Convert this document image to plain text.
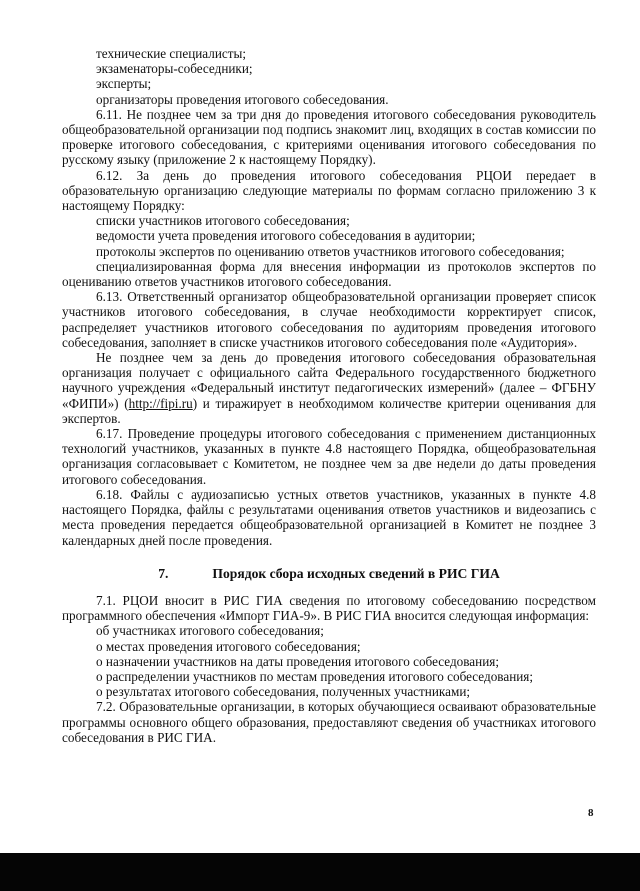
технические специалисты;

экзаменаторы-собеседники;

эксперты;

организаторы проведения итогового собеседования.

6.11. Не позднее чем за три дня до проведения итогового собеседования руководитель общеобразовательной организации под подпись знакомит лиц, входящих в состав комиссии по проверке итогового собеседования, с критериями оценивания итогового собеседования по русскому языку (приложение 2 к настоящему Порядку).

6.12. За день до проведения итогового собеседования РЦОИ передает в образовательную организацию следующие материалы по формам согласно приложению 3 к настоящему Порядку:

списки участников итогового собеседования;

ведомости учета проведения итогового собеседования в аудитории;

протоколы экспертов по оцениванию ответов участников итогового собеседования;

специализированная форма для внесения информации из протоколов экспертов по оцениванию ответов участников итогового собеседования.

6.13. Ответственный организатор общеобразовательной организации проверяет список участников итогового собеседования, в случае необходимости корректирует список, распределяет участников итогового собеседования по аудиториям проведения итогового собеседования, заполняет в списке участников итогового собеседования поле «Аудитория».

Не позднее чем за день до проведения итогового собеседования образовательная организация получает с официального сайта Федерального государственного бюджетного научного учреждения «Федеральный институт педагогических измерений» (далее – ФГБНУ «ФИПИ») (http://fipi.ru) и тиражирует в необходимом количестве критерии оценивания для экспертов.

6.17. Проведение процедуры итогового собеседования с применением дистанционных технологий участников, указанных в пункте 4.8 настоящего Порядка, общеобразовательная организация согласовывает с Комитетом, не позднее чем за две недели до даты проведения итогового собеседования.

6.18. Файлы с аудиозаписью устных ответов участников, указанных в пункте 4.8 настоящего Порядка, файлы с результатами оценивания ответов участников и видеозапись с места проведения передается общеобразовательной организацией в Комитет не позднее 3 календарных дней после проведения.

7.	Порядок сбора исходных сведений в РИС ГИА

7.1. РЦОИ вносит в РИС ГИА сведения по итоговому собеседованию посредством программного обеспечения «Импорт ГИА-9». В РИС ГИА вносится следующая информация:

об участниках итогового собеседования;

о местах проведения итогового собеседования;

о назначении участников на даты проведения итогового собеседования;

о распределении участников по местам проведения итогового собеседования;

о результатах итогового собеседования, полученных участниками;

7.2. Образовательные организации, в которых обучающиеся осваивают образовательные программы основного общего образования, предоставляют сведения об участниках итогового собеседования в РИС ГИА.

8
